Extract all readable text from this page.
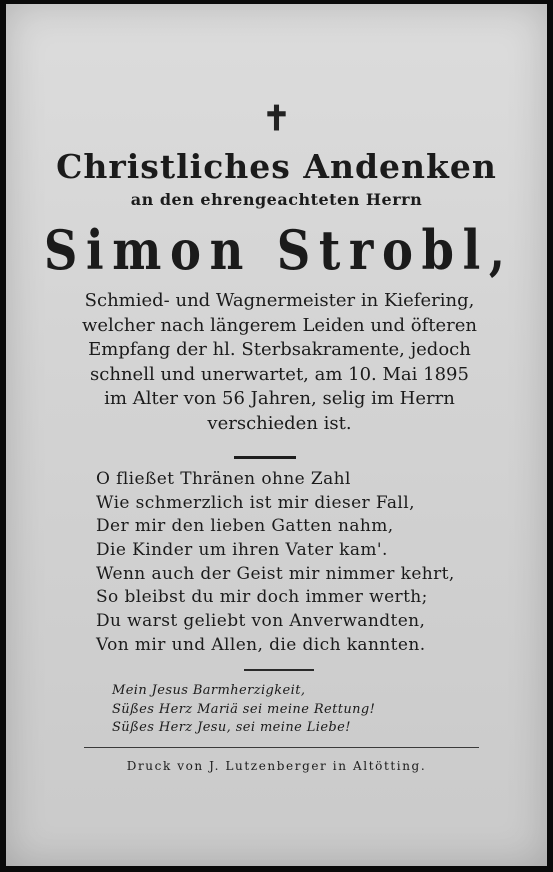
✝
Christliches Andenken
an den ehrengeachteten Herrn
Simon Strobl,
Schmied- und Wagnermeister in Kiefering,
welcher nach längerem Leiden und öfteren
Empfang der hl. Sterbsakramente, jedoch
schnell und unerwartet, am 10. Mai 1895
im Alter von 56 Jahren, selig im Herrn
verschieden ist.
O fließet Thränen ohne Zahl
Wie schmerzlich ist mir dieser Fall,
Der mir den lieben Gatten nahm,
Die Kinder um ihren Vater kam'.
Wenn auch der Geist mir nimmer kehrt,
So bleibst du mir doch immer werth;
Du warst geliebt von Anverwandten,
Von mir und Allen, die dich kannten.
Mein Jesus Barmherzigkeit,
Süßes Herz Mariä sei meine Rettung!
Süßes Herz Jesu, sei meine Liebe!
Druck von J. Lutzenberger in Altötting.
